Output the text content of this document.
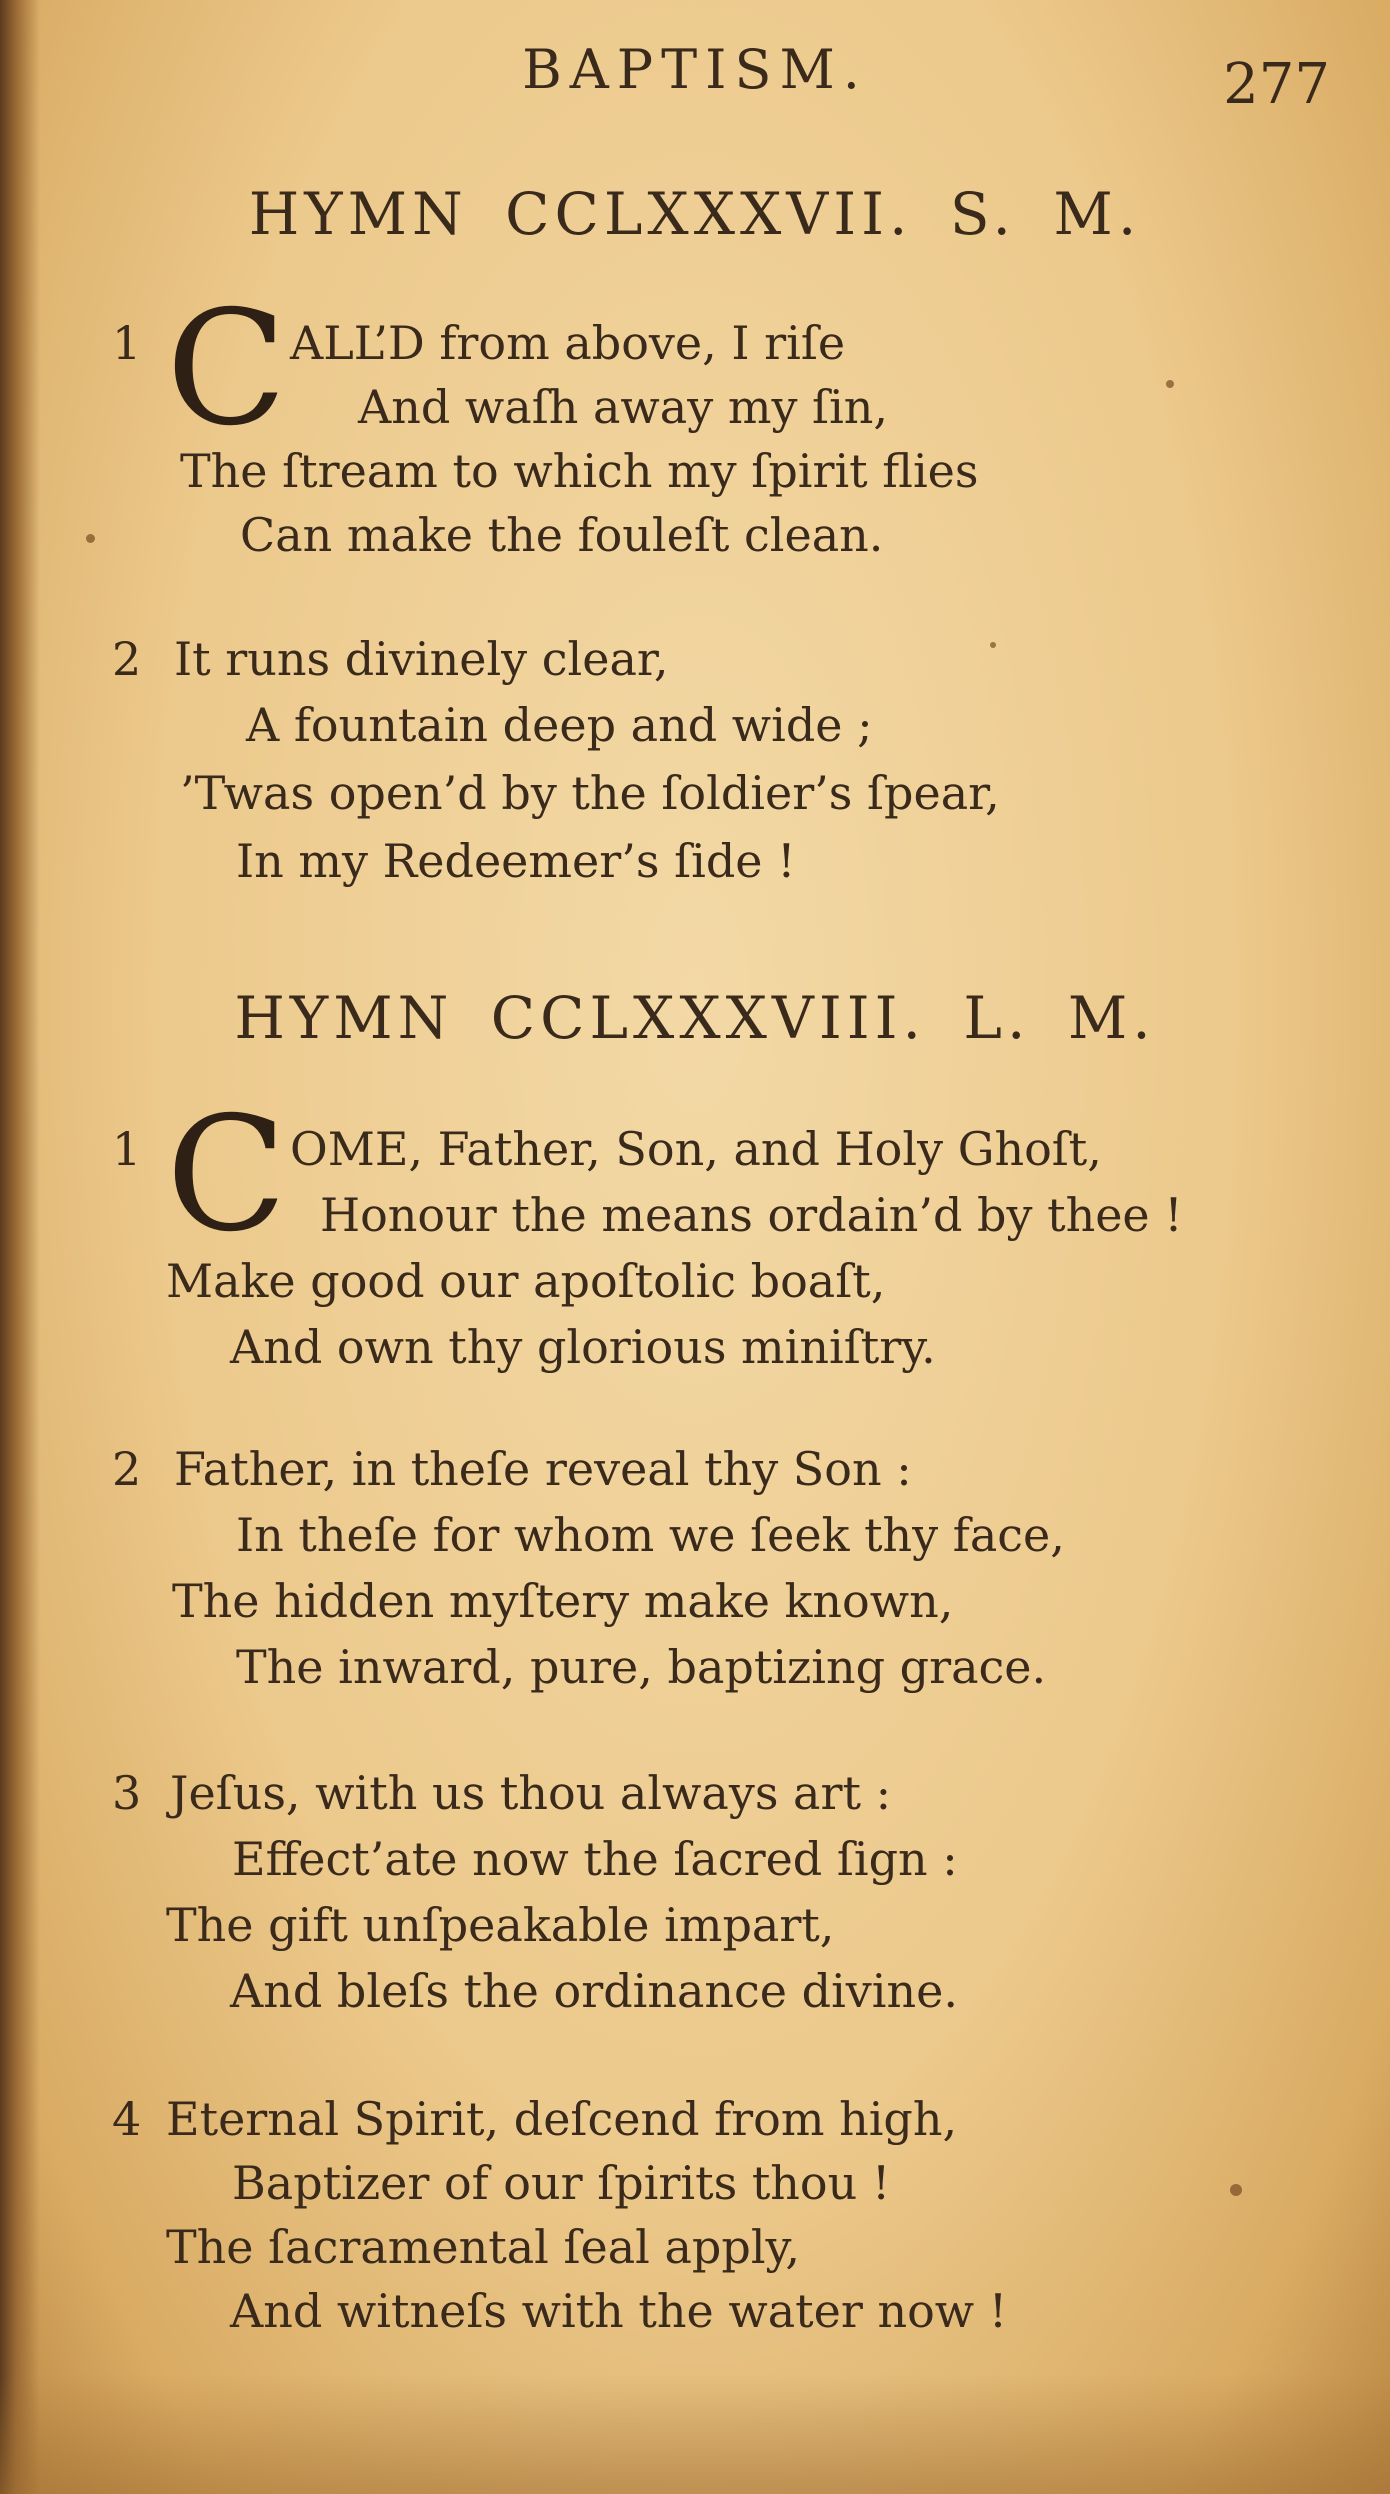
BAPTISM.	277
HYMN CCLXXXVII. S. M.
1 C ALL’D from above, I riſe
And waſh away my ſin,
The ſtream to which my ſpirit flies
Can make the fouleſt clean.
2 It runs divinely clear,
A fountain deep and wide ;
’Twas open’d by the ſoldier’s ſpear,
In my Redeemer’s ſide !
HYMN CCLXXXVIII. L. M.
1 C OME, Father, Son, and Holy Ghoſt,
Honour the means ordain’d by thee !
Make good our apoſtolic boaſt,
And own thy glorious miniſtry.
2 Father, in theſe reveal thy Son :
In theſe for whom we ſeek thy face,
The hidden myſtery make known,
The inward, pure, baptizing grace.
3 Jeſus, with us thou always art :
Effect’ate now the ſacred ſign :
The gift unſpeakable impart,
And bleſs the ordinance divine.
4 Eternal Spirit, deſcend from high,
Baptizer of our ſpirits thou !
The ſacramental ſeal apply,
And witneſs with the water now !
